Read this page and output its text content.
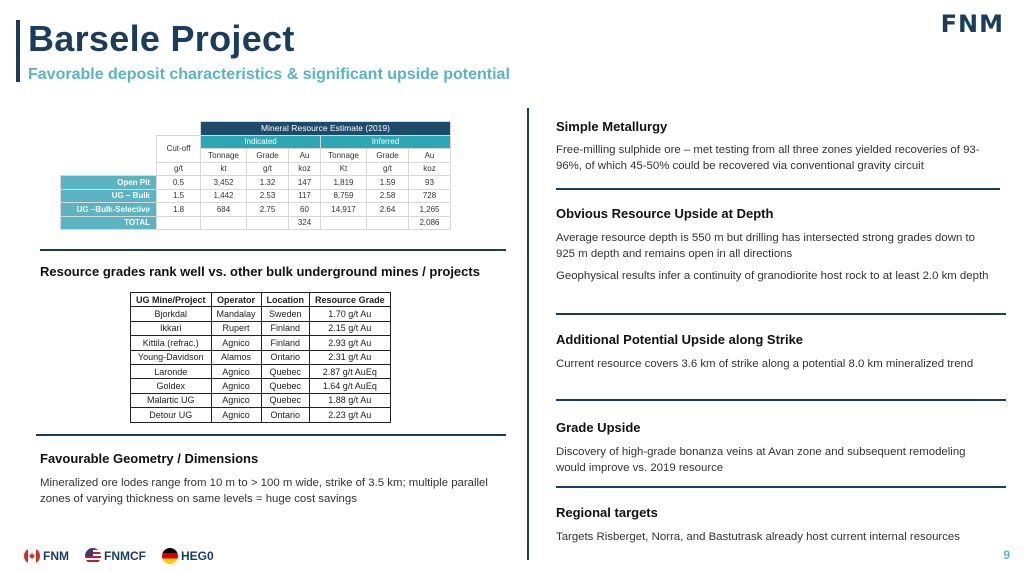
Barsele Project
Favorable deposit characteristics & significant upside potential
FNM
		Mineral Resource Estimate (2019)					
	Cut-off	Indicated			Inferred		
		Tonnage	Grade	Au	Tonnage	Grade	Au
	g/t	kt	g/t	koz	Kt	g/t	koz
Open Pit	0.5	3,452	1.32	147	1,819	1.59	93
UG – Bulk	1.5	1,442	2.53	117	8,759	2.58	728
UG –Bulk-Selective	1.8	684	2.75	60	14,917	2.64	1,265
TOTAL				324			2,086
Resource grades rank well vs. other bulk underground mines / projects
UG Mine/Project	Operator	Location	Resource Grade
Bjorkdal	Mandalay	Sweden	1.70 g/t Au
Ikkari	Rupert	Finland	2.15 g/t Au
Kittila (refrac.)	Agnico	Finland	2.93 g/t Au
Young-Davidson	Alamos	Ontario	2.31 g/t Au
Laronde	Agnico	Quebec	2.87 g/t AuEq
Goldex	Agnico	Quebec	1.64 g/t AuEq
Malartic UG	Agnico	Quebec	1.88 g/t Au
Detour UG	Agnico	Ontario	2.23 g/t Au
Favourable Geometry / Dimensions
Mineralized ore lodes range from 10 m to > 100 m wide, strike of 3.5 km; multiple parallel zones of varying thickness on same levels = huge cost savings
Simple Metallurgy
Free-milling sulphide ore – met testing from all three zones yielded recoveries of 93-96%, of which 45-50% could be recovered via conventional gravity circuit
Obvious Resource Upside at Depth
Average resource depth is 550 m but drilling has intersected strong grades down to 925 m depth and remains open in all directions
Geophysical results infer a continuity of granodiorite host rock to at least 2.0 km depth
Additional Potential Upside along Strike
Current resource covers 3.6 km of strike along a potential 8.0 km mineralized trend
Grade Upside
Discovery of high-grade bonanza veins at Avan zone and subsequent remodeling would improve vs. 2019 resource
Regional targets
Targets Risberget, Norra, and Bastutrask already host current internal resources
FNM	FNMCF	HEG0	9
